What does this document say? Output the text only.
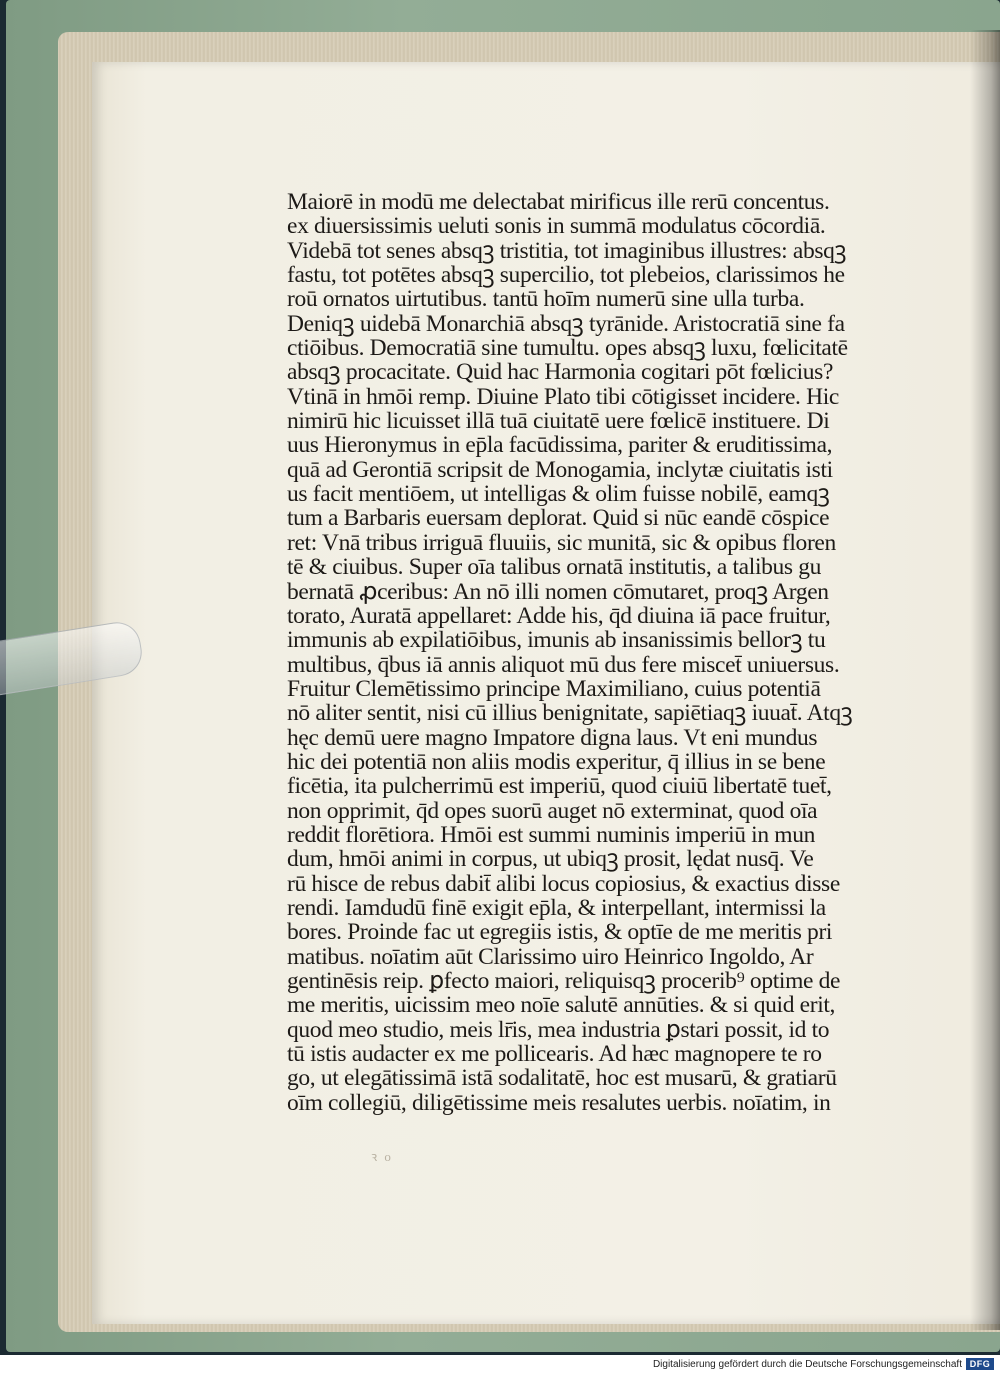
Maiorē in modū me delectabat mirificus ille rerū concentus.
ex diuersissimis ueluti sonis in summā modulatus cōcordiā.
Videbā tot senes absqꝫ tristitia, tot imaginibus illustres: absqꝫ
fastu, tot potētes absqꝫ supercilio, tot plebeios, clarissimos he
roū ornatos uirtutibus. tantū hoīm numerū sine ulla turba.
Deniqꝫ uidebā Monarchiā absqꝫ tyrānide. Aristocratiā sine fa
ctiōibus. Democratiā sine tumultu. opes absqꝫ luxu, fœlicitatē
absqꝫ procacitate. Quid hac Harmonia cogitari pōt fœlicius?
Vtinā in hmōi remp. Diuine Plato tibi cōtigisset incidere. Hic
nimirū hic licuisset illā tuā ciuitatē uere fœlicē instituere. Di
uus Hieronymus in ep̄la facūdissima, pariter & eruditissima,
quā ad Gerontiā scripsit de Monogamia, inclytæ ciuitatis isti
us facit mentiōem, ut intelligas & olim fuisse nobilē, eamqꝫ
tum a Barbaris euersam deplorat. Quid si nūc eandē cōspice
ret: Vnā tribus irriguā fluuiis, sic munitā, sic & opibus floren
tē & ciuibus. Super oīa talibus ornatā institutis, a talibus gu
bernatā ꝓceribus: An nō illi nomen cōmutaret, proqꝫ Argen
torato, Auratā appellaret: Adde his, q̄d diuina iā pace fruitur,
immunis ab expilatiōibus, imunis ab insanissimis bellorꝫ tu
multibus, q̄bus iā annis aliquot mū dus fere miscet̄ uniuersus.
Fruitur Clemētissimo principe Maximiliano, cuius potentiā
nō aliter sentit, nisi cū illius benignitate, sapiētiaqꝫ iuuat̄. Atqꝫ
hęc demū uere magno Impatore digna laus. Vt eni mundus
hic dei potentiā non aliis modis experitur, q̄ illius in se bene
ficētia, ita pulcherrimū est imperiū, quod ciuiū libertatē tuet̄,
non opprimit, q̄d opes suorū auget nō exterminat, quod oīa
reddit florētiora. Hmōi est summi numinis imperiū in mun
dum, hmōi animi in corpus, ut ubiqꝫ prosit, lędat nusq̄. Ve
rū hisce de rebus dabit̄ alibi locus copiosius, & exactius disse
rendi. Iamdudū finē exigit ep̄la, & interpellant, intermissi la
bores. Proinde fac ut egregiis istis, & optīe de me meritis pri
matibus. noīatim aūt Clarissimo uiro Heinrico Ingoldo, Ar
gentinēsis reip. ꝑfecto maiori, reliquisqꝫ procerib⁹ optime de
me meritis, uicissim meo noīe salutē annūties. & si quid erit,
quod meo studio, meis lr̄is, mea industria ꝑstari possit, id to
tū istis audacter ex me pollicearis. Ad hæc magnopere te ro
go, ut elegātissimā istā sodalitatē, hoc est musarū, & gratiarū
oīm collegiū, diligētissime meis resalutes uerbis. noīatim, in
ꝛ o
Digitalisierung gefördert durch die Deutsche Forschungsgemeinschaft DFG
